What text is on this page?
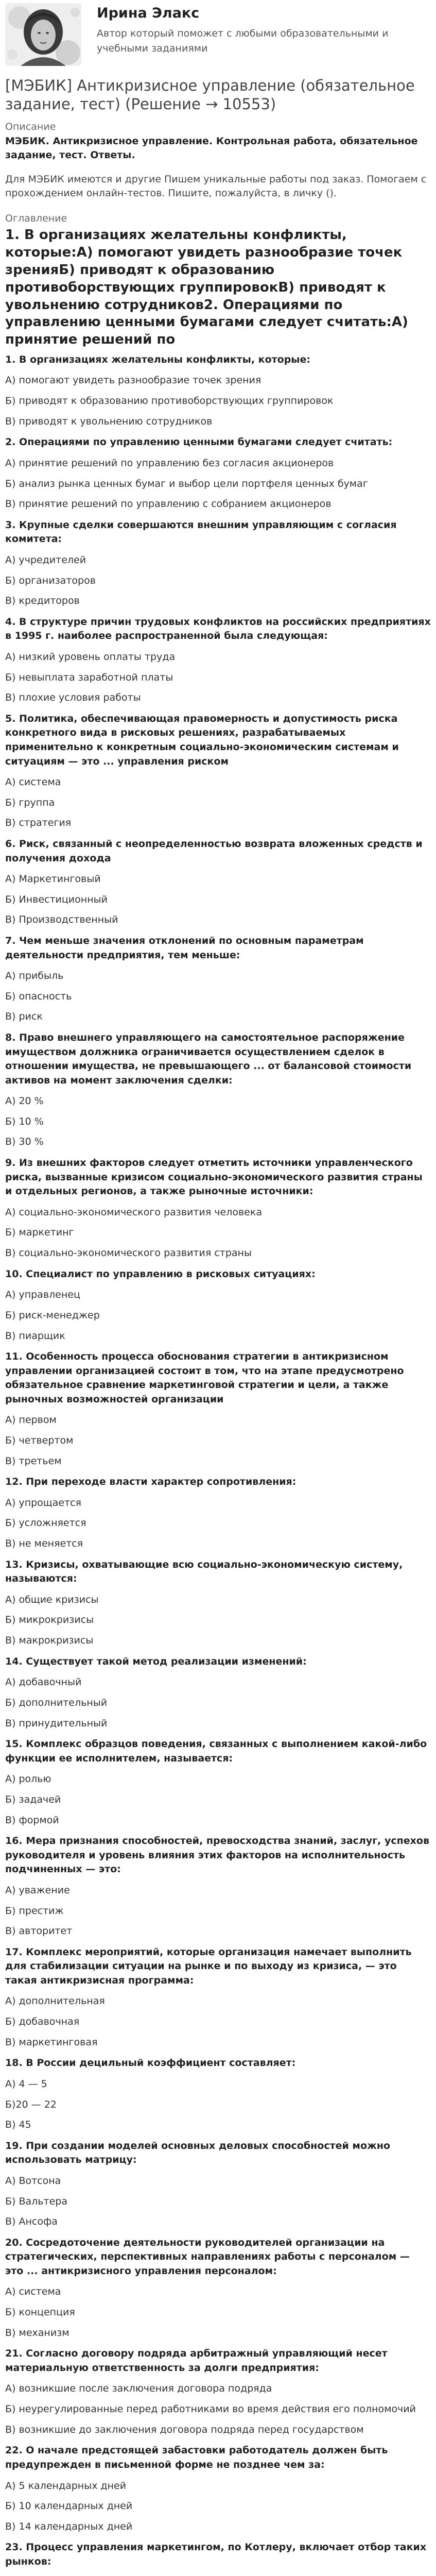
Ирина Элакс
Автор который поможет с любыми образовательными и учебными заданиями
[МЭБИК] Антикризисное управление (обязательное задание, тест) (Решение → 10553)
Описание
МЭБИК. Антикризисное управление. Контрольная работа, обязательное задание, тест. Ответы.
Для МЭБИК имеются и другие Пишем уникальные работы под заказ. Помогаем с прохождением онлайн-тестов. Пишите, пожалуйста, в личку ().
Оглавление
1. В организациях желательны конфликты, которые:А) помогают увидеть разнообразие точек зренияБ) приводят к образованию противоборствующих группировокВ) приводят к увольнению сотрудников2. Операциями по управлению ценными бумагами следует считать:А) принятие решений по
1. В организациях желательны конфликты, которые:
А) помогают увидеть разнообразие точек зрения
Б) приводят к образованию противоборствующих группировок
В) приводят к увольнению сотрудников
2. Операциями по управлению ценными бумагами следует считать:
А) принятие решений по управлению без согласия акционеров
Б) анализ рынка ценных бумаг и выбор цели портфеля ценных бумаг
В) принятие решений по управлению с собранием акционеров
3. Крупные сделки совершаются внешним управляющим с согласия комитета:
А) учредителей
Б) организаторов
В) кредиторов
4. В структуре причин трудовых конфликтов на российских предприятиях в 1995 г. наиболее распространенной была следующая:
А) низкий уровень оплаты труда
Б) невыплата заработной платы
В) плохие условия работы
5. Политика, обеспечивающая правомерность и допустимость риска конкретного вида в рисковых решениях, разрабатываемых применительно к конкретным социально-экономическим системам и ситуациям — это ... управления риском
А) система
Б) группа
В) стратегия
6. Риск, связанный с неопределенностью возврата вложенных средств и получения дохода
А) Маркетинговый
Б) Инвестиционный
В) Производственный
7. Чем меньше значения отклонений по основным параметрам деятельности предприятия, тем меньше:
А) прибыль
Б) опасность
В) риск
8. Право внешнего управляющего на самостоятельное распоряжение имуществом должника ограничивается осуществлением сделок в отношении имущества, не превышающего ... от балансовой стоимости активов на момент заключения сделки:
А) 20 %
Б) 10 %
В) 30 %
9. Из внешних факторов следует отметить источники управленческого риска, вызванные кризисом социально-экономического развития страны и отдельных регионов, а также рыночные источники:
А) социально-экономического развития человека
Б) маркетинг
В) социально-экономического развития страны
10. Специалист по управлению в рисковых ситуациях:
А) управленец
Б) риск-менеджер
В) пиарщик
11. Особенность процесса обоснования стратегии в антикризисном управлении организацией состоит в том, что на этапе предусмотрено обязательное сравнение маркетинговой стратегии и цели, а также рыночных возможностей организации
А) первом
Б) четвертом
В) третьем
12. При переходе власти характер сопротивления:
А) упрощается
Б) усложняется
В) не меняется
13. Кризисы, охватывающие всю социально-экономическую систему, называются:
А) общие кризисы
Б) микрокризисы
В) макрокризисы
14. Существует такой метод реализации изменений:
А) добавочный
Б) дополнительный
В) принудительный
15. Комплекс образцов поведения, связанных с выполнением какой-либо функции ее исполнителем, называется:
А) ролью
Б) задачей
В) формой
16. Мера признания способностей, превосходства знаний, заслуг, успехов руководителя и уровень влияния этих факторов на исполнительность подчиненных — это:
А) уважение
Б) престиж
В) авторитет
17. Комплекс мероприятий, которые организация намечает выполнить для стабилизации ситуации на рынке и по выходу из кризиса, — это такая антикризисная программа:
А) дополнительная
Б) добавочная
В) маркетинговая
18. В России децильный коэффициент составляет:
А) 4 — 5
Б)20 — 22
В) 45
19. При создании моделей основных деловых способностей можно использовать матрицу:
А) Вотсона
Б) Вальтера
В) Ансофа
20. Сосредоточение деятельности руководителей организации на стратегических, перспективных направлениях работы с персоналом — это ... антикризисного управления персоналом:
А) система
Б) концепция
В) механизм
21. Согласно договору подряда арбитражный управляющий несет материальную ответственность за долги предприятия:
А) возникшие после заключения договора подряда
Б) неурегулированные перед работниками во время действия его полномочий
В) возникшие до заключения договора подряда перед государством
22. О начале предстоящей забастовки работодатель должен быть предупрежден в письменной форме не позднее чем за:
А) 5 календарных дней
Б) 10 календарных дней
В) 14 календарных дней
23. Процесс управления маркетингом, по Котлеру, включает отбор таких рынков:
